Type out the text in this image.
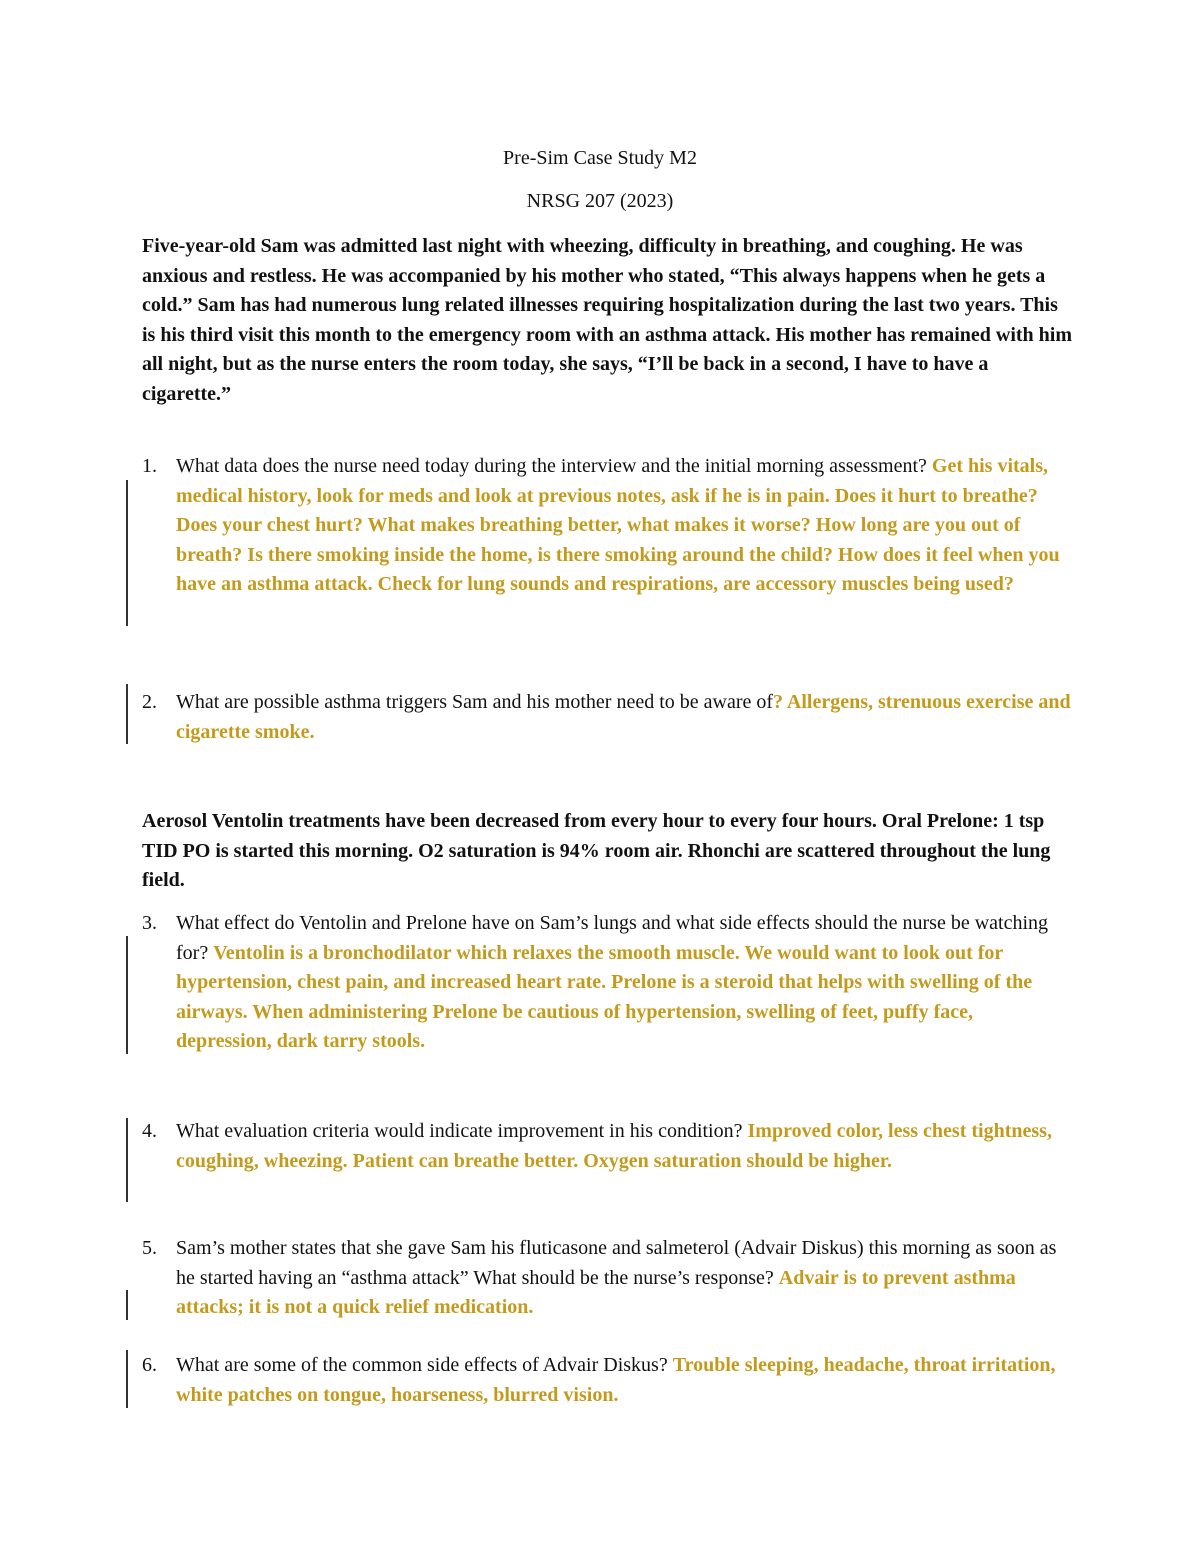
Pre-Sim Case Study M2
NRSG 207 (2023)
Five-year-old Sam was admitted last night with wheezing, difficulty in breathing, and coughing. He was anxious and restless. He was accompanied by his mother who stated, “This always happens when he gets a cold.” Sam has had numerous lung related illnesses requiring hospitalization during the last two years. This is his third visit this month to the emergency room with an asthma attack. His mother has remained with him all night, but as the nurse enters the room today, she says, “I’ll be back in a second, I have to have a cigarette.”
1. What data does the nurse need today during the interview and the initial morning assessment? Get his vitals, medical history, look for meds and look at previous notes, ask if he is in pain. Does it hurt to breathe? Does your chest hurt? What makes breathing better, what makes it worse? How long are you out of breath? Is there smoking inside the home, is there smoking around the child? How does it feel when you have an asthma attack. Check for lung sounds and respirations, are accessory muscles being used?
2. What are possible asthma triggers Sam and his mother need to be aware of? Allergens, strenuous exercise and cigarette smoke.
Aerosol Ventolin treatments have been decreased from every hour to every four hours. Oral Prelone: 1 tsp TID PO is started this morning. O2 saturation is 94% room air. Rhonchi are scattered throughout the lung field.
3. What effect do Ventolin and Prelone have on Sam’s lungs and what side effects should the nurse be watching for? Ventolin is a bronchodilator which relaxes the smooth muscle. We would want to look out for hypertension, chest pain, and increased heart rate. Prelone is a steroid that helps with swelling of the airways. When administering Prelone be cautious of hypertension, swelling of feet, puffy face, depression, dark tarry stools.
4. What evaluation criteria would indicate improvement in his condition? Improved color, less chest tightness, coughing, wheezing. Patient can breathe better. Oxygen saturation should be higher.
5. Sam’s mother states that she gave Sam his fluticasone and salmeterol (Advair Diskus) this morning as soon as he started having an “asthma attack” What should be the nurse’s response? Advair is to prevent asthma attacks; it is not a quick relief medication.
6. What are some of the common side effects of Advair Diskus? Trouble sleeping, headache, throat irritation, white patches on tongue, hoarseness, blurred vision.
